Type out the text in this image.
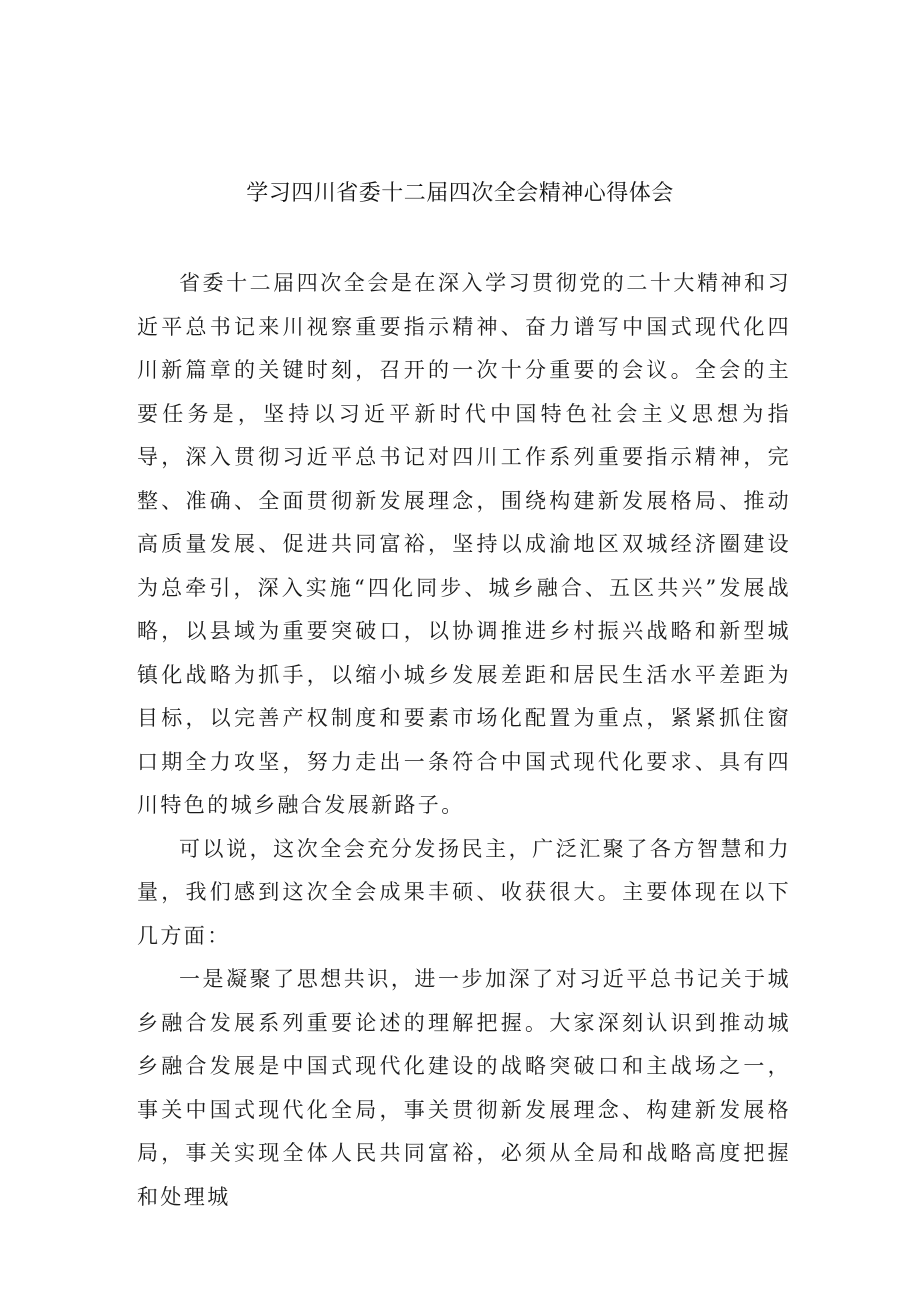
学习四川省委十二届四次全会精神心得体会

省委十二届四次全会是在深入学习贯彻党的二十大精神和习近平总书记来川视察重要指示精神、奋力谱写中国式现代化四川新篇章的关键时刻，召开的一次十分重要的会议。全会的主要任务是，坚持以习近平新时代中国特色社会主义思想为指导，深入贯彻习近平总书记对四川工作系列重要指示精神，完整、准确、全面贯彻新发展理念，围绕构建新发展格局、推动高质量发展、促进共同富裕，坚持以成渝地区双城经济圈建设为总牵引，深入实施“四化同步、城乡融合、五区共兴”发展战略，以县域为重要突破口，以协调推进乡村振兴战略和新型城镇化战略为抓手，以缩小城乡发展差距和居民生活水平差距为目标，以完善产权制度和要素市场化配置为重点，紧紧抓住窗口期全力攻坚，努力走出一条符合中国式现代化要求、具有四川特色的城乡融合发展新路子。

可以说，这次全会充分发扬民主，广泛汇聚了各方智慧和力量，我们感到这次全会成果丰硕、收获很大。主要体现在以下几方面：

一是凝聚了思想共识，进一步加深了对习近平总书记关于城乡融合发展系列重要论述的理解把握。大家深刻认识到推动城乡融合发展是中国式现代化建设的战略突破口和主战场之一，事关中国式现代化全局，事关贯彻新发展理念、构建新发展格局，事关实现全体人民共同富裕，必须从全局和战略高度把握和处理城
